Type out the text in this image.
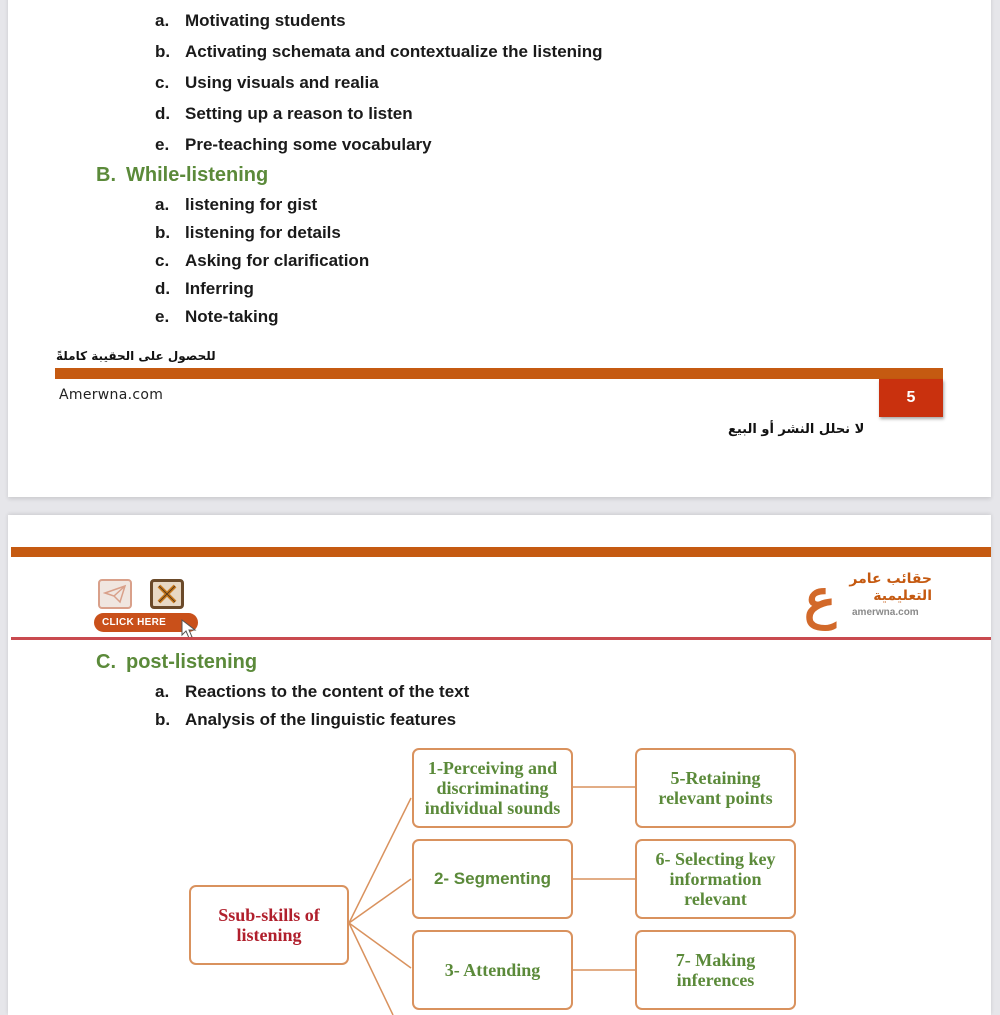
a. Motivating students
b. Activating schemata and contextualize the listening
c. Using visuals and realia
d. Setting up a reason to listen
e. Pre-teaching some vocabulary
B. While-listening
a. listening for gist
b. listening for details
c. Asking for clarification
d. Inferring
e. Note-taking
للحصول على الحقيبة كاملةً
Amerwna.com	5
لا نحلل النشر أو البيع
CLICK HERE	ع حقائب عامر
التعليمية
amerwna.com
C. post-listening
a. Reactions to the content of the text
b. Analysis of the linguistic features
Ssub-skills of listening
1-Perceiving and discriminating individual sounds
2- Segmenting
3- Attending
5-Retaining relevant points
6- Selecting key information relevant
7- Making inferences
